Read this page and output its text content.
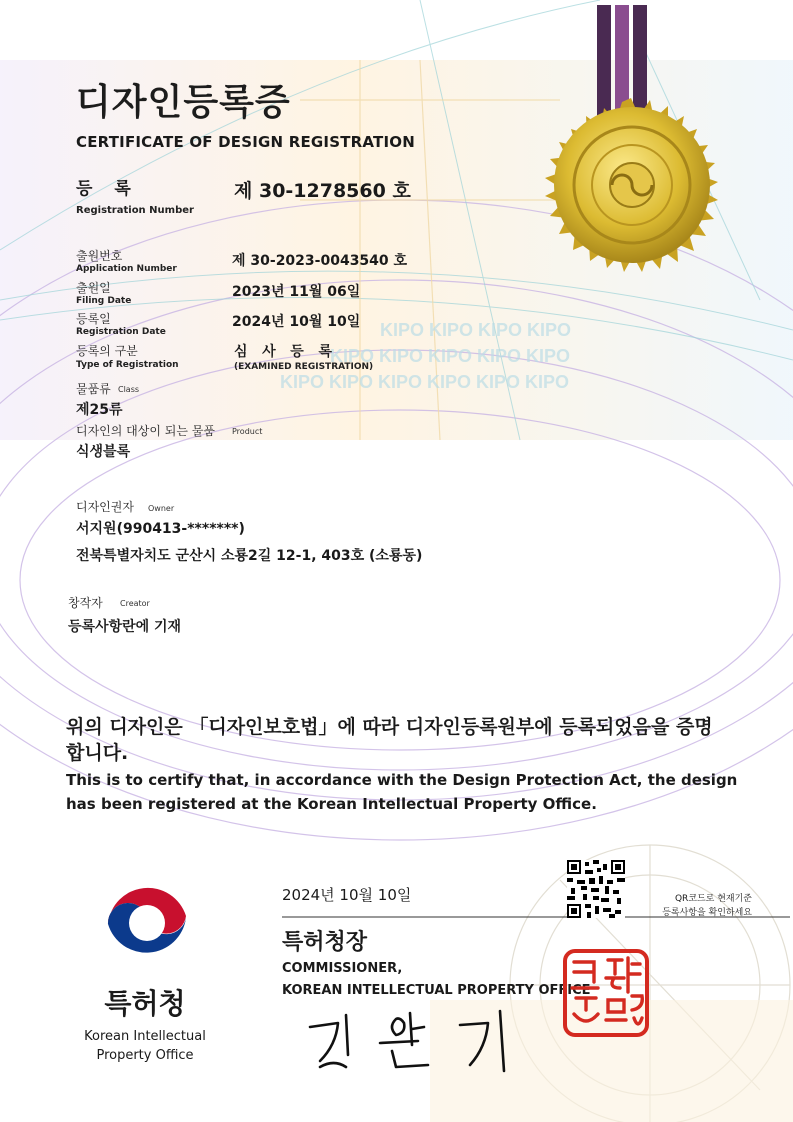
KIPO KIPO KIPO KIPO
KIPO KIPO KIPO KIPO KIPO
KIPO KIPO KIPO KIPO KIPO KIPO
디자인등록증
CERTIFICATE OF DESIGN REGISTRATION
등 록
Registration Number
제 30-1278560 호
출원번호
Application Number	제 30-2023-0043540 호
출원일
Filing Date
2023년 11월 06일
등록일
Registration Date
2024년 10월 10일
등록의 구분
Type of Registration
심   사   등   록
(EXAMINED REGISTRATION)
물품류 Class
제25류
디자인의 대상이 되는 물품 Product
식생블록
디자인권자 Owner
서지원(990413-*******)
전북특별자치도 군산시 소룡2길 12-1, 403호 (소룡동)
창작자 Creator
등록사항란에 기재
위의 디자인은 「디자인보호법」에 따라 디자인등록원부에 등록되었음을 증명합니다.
This is to certify that, in accordance with the Design Protection Act, the design has been registered at the Korean Intellectual Property Office.
특허청
Korean Intellectual
Property Office
2024년 10월 10일	QR코드로 현재기준
등록사항을 확인하세요
특허청장
COMMISSIONER,
KOREAN INTELLECTUAL PROPERTY OFFICE
